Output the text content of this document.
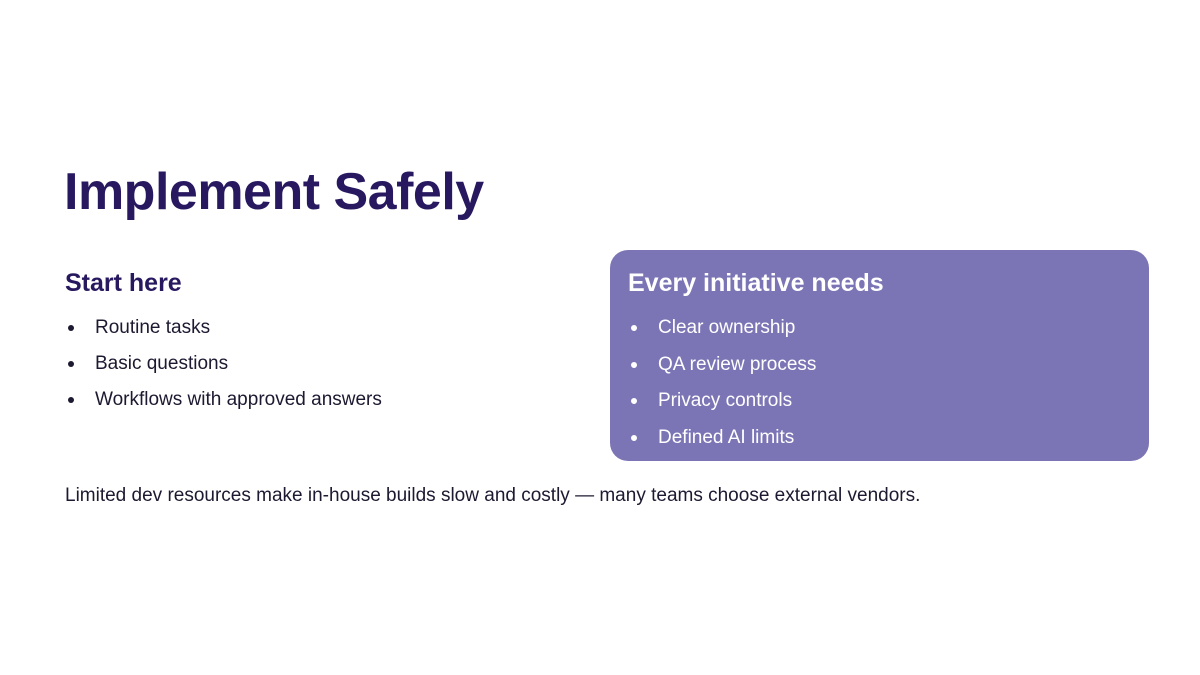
Implement Safely
Start here
Routine tasks
Basic questions
Workflows with approved answers
Every initiative needs
Clear ownership
QA review process
Privacy controls
Defined AI limits

Limited dev resources make in-house builds slow and costly — many teams choose external vendors.
